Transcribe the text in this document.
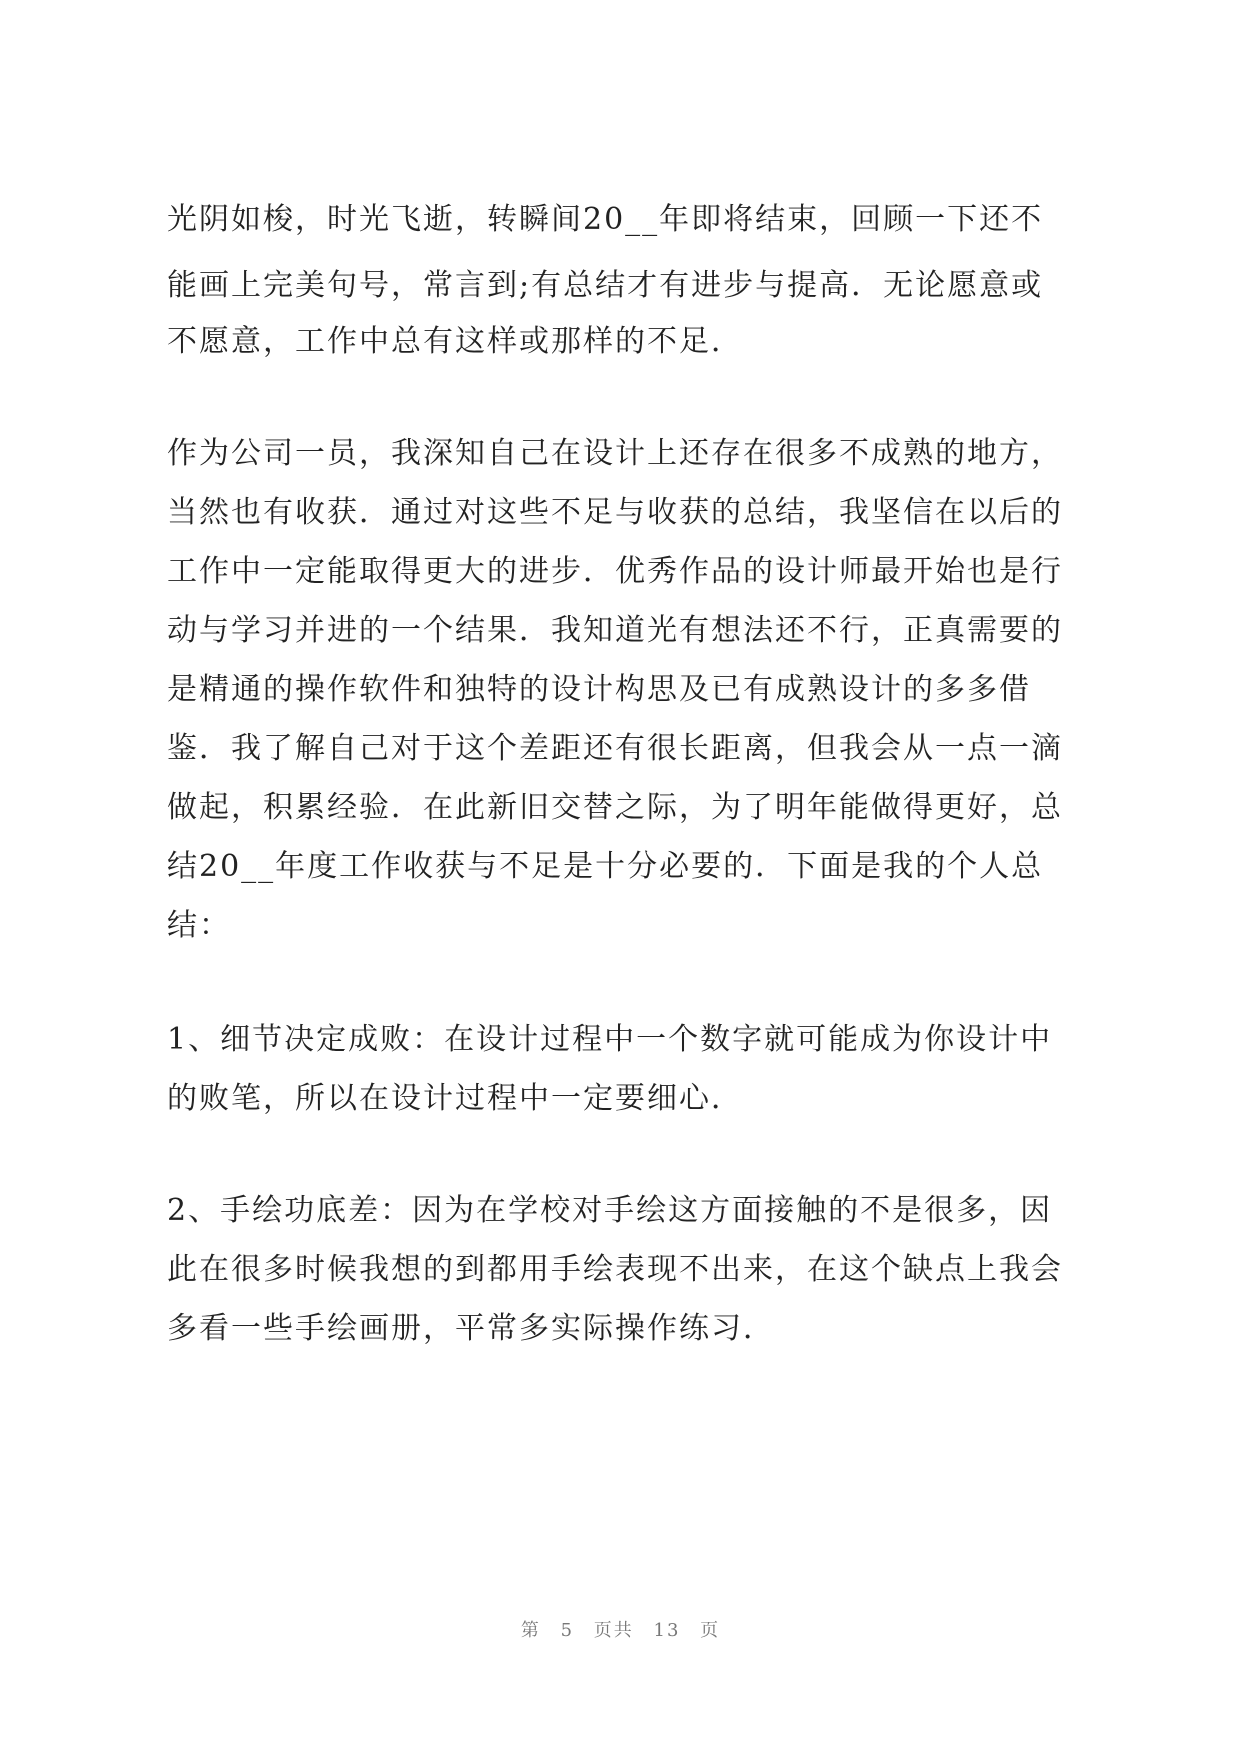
光阴如梭，时光飞逝，转瞬间20__年即将结束，回顾一下还不
能画上完美句号，常言到;有总结才有进步与提高．无论愿意或
不愿意，工作中总有这样或那样的不足．
作为公司一员，我深知自己在设计上还存在很多不成熟的地方，
当然也有收获．通过对这些不足与收获的总结，我坚信在以后的
工作中一定能取得更大的进步．优秀作品的设计师最开始也是行
动与学习并进的一个结果．我知道光有想法还不行，正真需要的
是精通的操作软件和独特的设计构思及已有成熟设计的多多借
鉴．我了解自己对于这个差距还有很长距离，但我会从一点一滴
做起，积累经验．在此新旧交替之际，为了明年能做得更好，总
结20__年度工作收获与不足是十分必要的．下面是我的个人总
结：
1、细节决定成败：在设计过程中一个数字就可能成为你设计中
的败笔，所以在设计过程中一定要细心．
2、手绘功底差：因为在学校对手绘这方面接触的不是很多，因
此在很多时候我想的到都用手绘表现不出来，在这个缺点上我会
多看一些手绘画册，平常多实际操作练习．
第 5 页共 13 页
